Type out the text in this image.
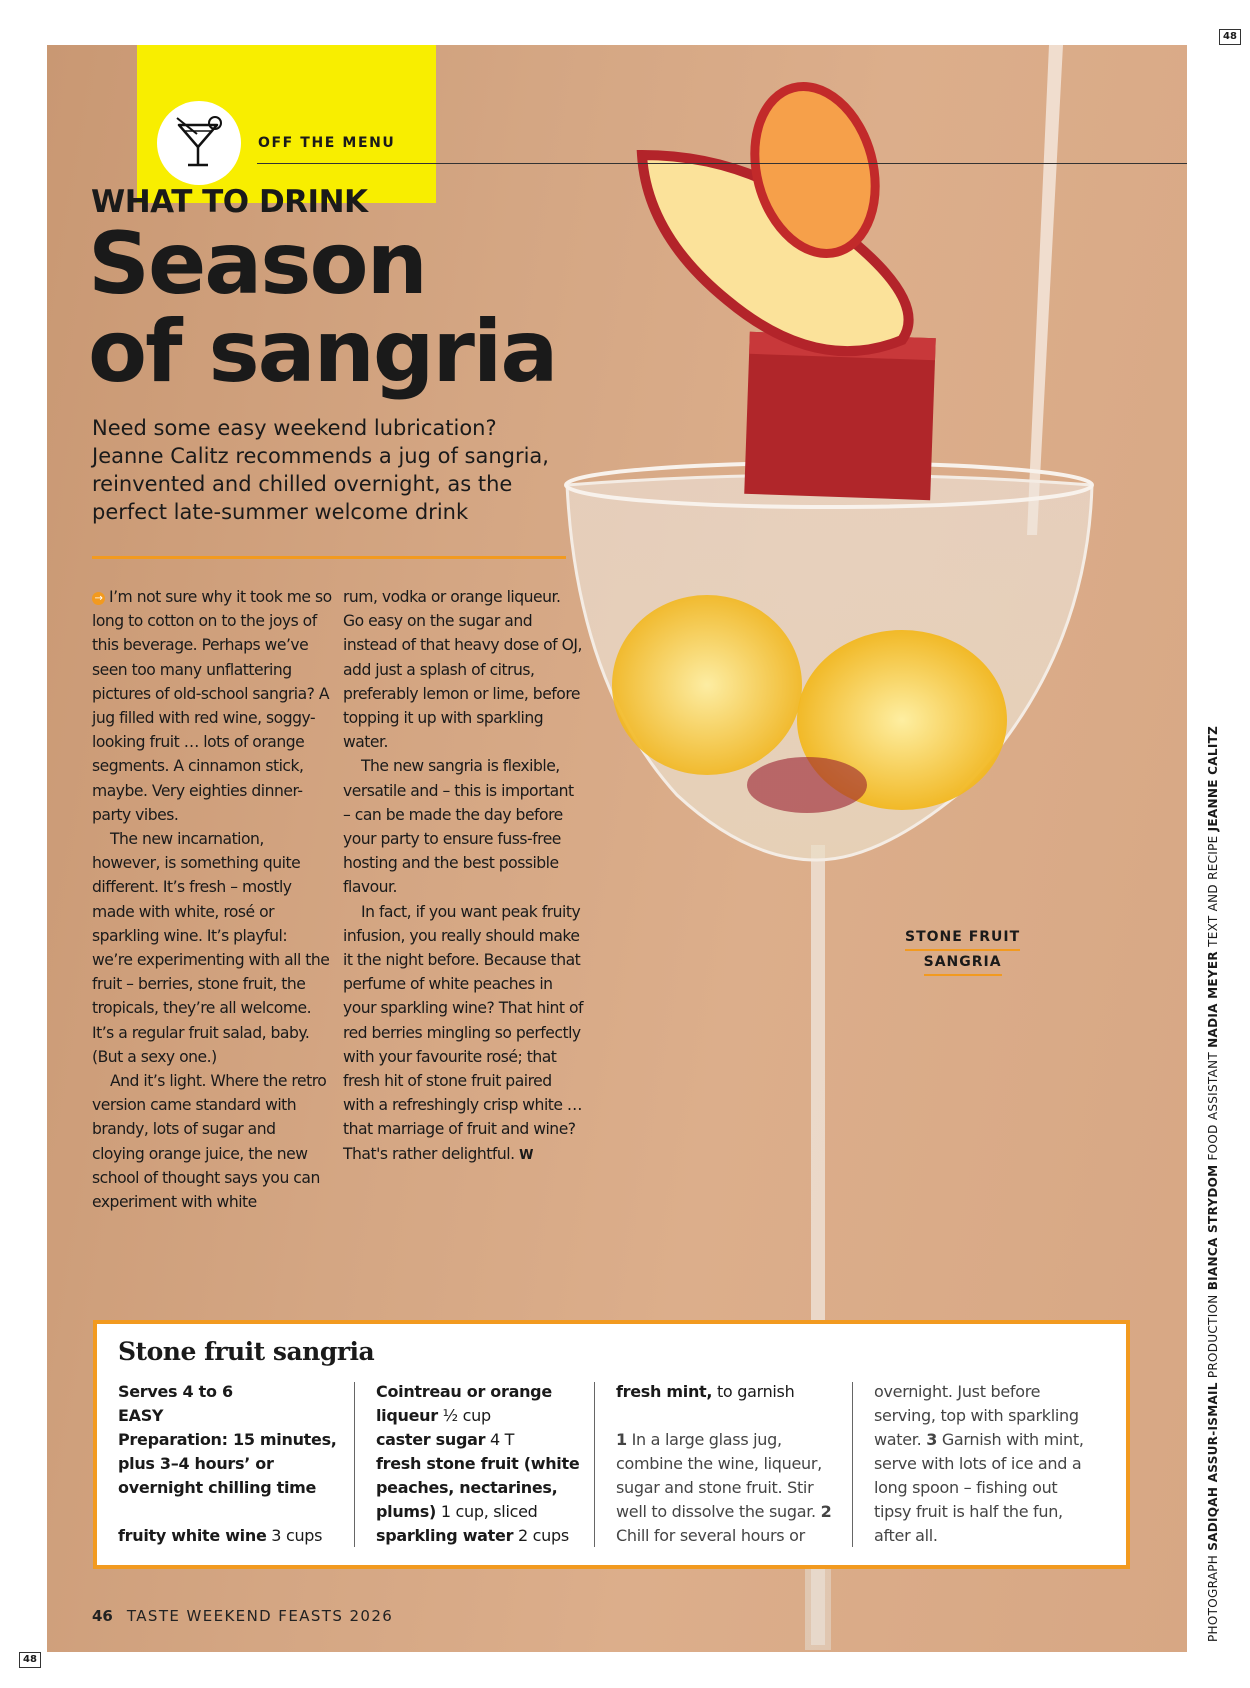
48
OFF THE MENU
WHAT TO DRINK
Season
of sangria
Need some easy weekend lubrication? Jeanne Calitz recommends a jug of sangria, reinvented and chilled overnight, as the perfect late-summer welcome drink

→ I’m not sure why it took me so long to cotton on to the joys of this beverage. Perhaps we’ve seen too many unflattering pictures of old-school sangria? A jug filled with red wine, soggy-looking fruit … lots of orange segments. A cinnamon stick, maybe. Very eighties dinner-party vibes.

The new incarnation, however, is something quite different. It’s fresh – mostly made with white, rosé or sparkling wine. It’s playful: we’re experimenting with all the fruit – berries, stone fruit, the tropicals, they’re all welcome. It’s a regular fruit salad, baby. (But a sexy one.)

And it’s light. Where the retro version came standard with brandy, lots of sugar and cloying orange juice, the new school of thought says you can experiment with white

rum, vodka or orange liqueur. Go easy on the sugar and instead of that heavy dose of OJ, add just a splash of citrus, preferably lemon or lime, before topping it up with sparkling water.

The new sangria is flexible, versatile and – this is important – can be made the day before your party to ensure fuss-free hosting and the best possible flavour.

In fact, if you want peak fruity infusion, you really should make it the night before. Because that perfume of white peaches in your sparkling wine? That hint of red berries mingling so perfectly with your favourite rosé; that fresh hit of stone fruit paired with a refreshingly crisp white … that marriage of fruit and wine? That's rather delightful. W

STONE FRUIT
SANGRIA
PHOTOGRAPH SADIQAH ASSUR-ISMAIL PRODUCTION BIANCA STRYDOM FOOD ASSISTANT NADIA MEYER TEXT AND RECIPE JEANNE CALITZ
Stone fruit sangria

Serves 4 to 6

EASY

Preparation: 15 minutes, plus 3–4 hours’ or overnight chilling time

fruity white wine 3 cups

Cointreau or orange liqueur ½ cup

caster sugar 4 T

fresh stone fruit (white peaches, nectarines, plums) 1 cup, sliced

sparkling water 2 cups

fresh mint, to garnish

1 In a large glass jug, combine the wine, liqueur, sugar and stone fruit. Stir well to dissolve the sugar. 2 Chill for several hours or

overnight. Just before serving, top with sparkling water. 3 Garnish with mint, serve with lots of ice and a long spoon – fishing out tipsy fruit is half the fun, after all.

46 TASTE WEEKEND FEASTS 2026
48
